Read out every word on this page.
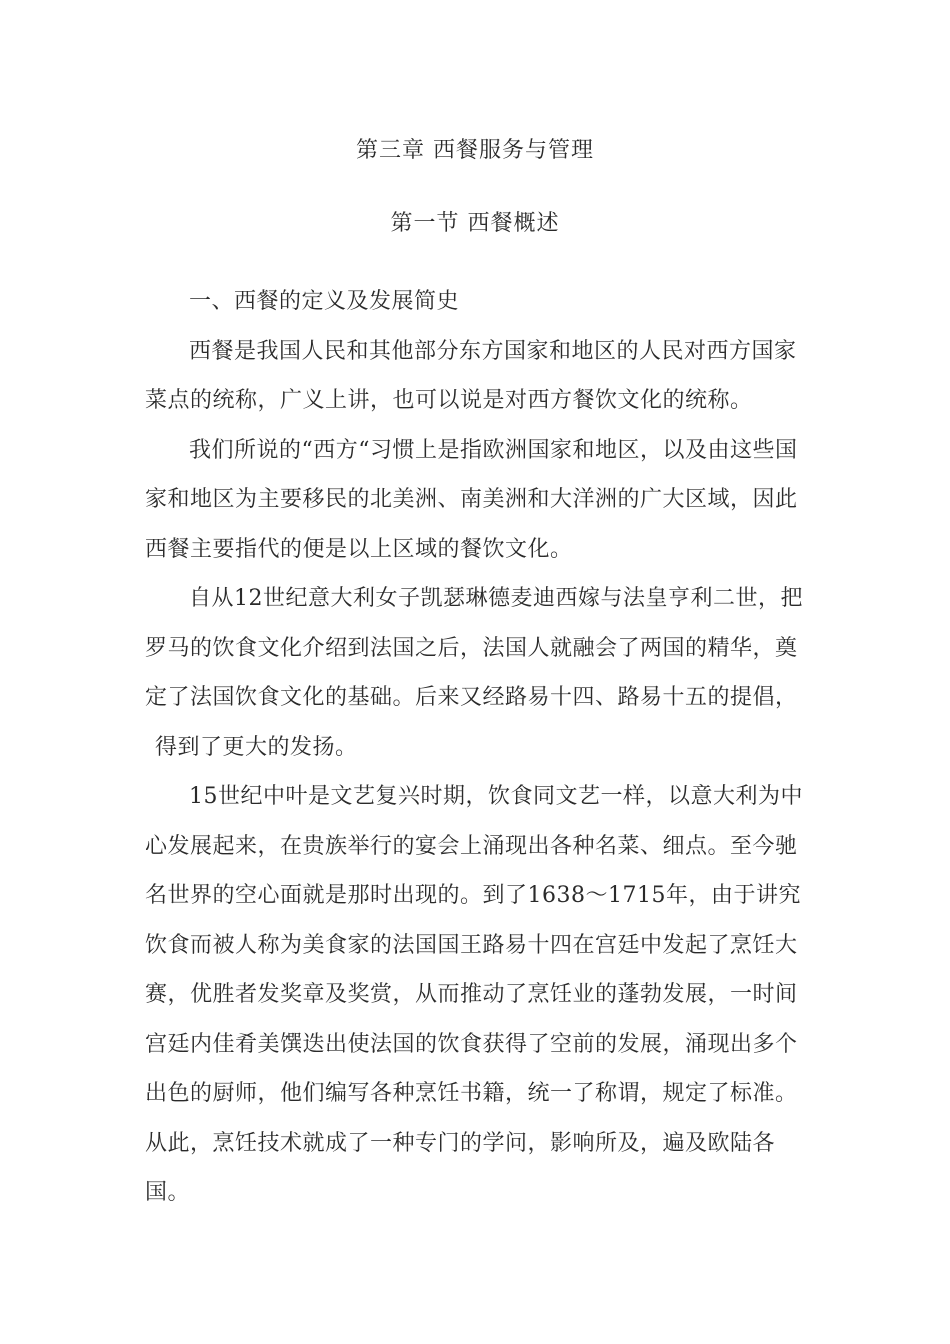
第三章 西餐服务与管理
第一节 西餐概述

一、西餐的定义及发展简史

西餐是我国人民和其他部分东方国家和地区的人民对西方国家菜点的统称，广义上讲，也可以说是对西方餐饮文化的统称。

我们所说的“西方“习惯上是指欧洲国家和地区，以及由这些国家和地区为主要移民的北美洲、南美洲和大洋洲的广大区域，因此西餐主要指代的便是以上区域的餐饮文化。

自从12世纪意大利女子凯瑟琳德麦迪西嫁与法皇亨利二世，把罗马的饮食文化介绍到法国之后，法国人就融会了两国的精华，奠定了法国饮食文化的基础。后来又经路易十四、路易十五的提倡，

得到了更大的发扬。

15世纪中叶是文艺复兴时期，饮食同文艺一样，以意大利为中心发展起来，在贵族举行的宴会上涌现出各种名菜、细点。至今驰名世界的空心面就是那时出现的。到了1638～1715年，由于讲究饮食而被人称为美食家的法国国王路易十四在宫廷中发起了烹饪大赛，优胜者发奖章及奖赏，从而推动了烹饪业的蓬勃发展，一时间宫廷内佳肴美馔迭出使法国的饮食获得了空前的发展，涌现出多个出色的厨师，他们编写各种烹饪书籍，统一了称谓，规定了标准。从此，烹饪技术就成了一种专门的学问，影响所及，遍及欧陆各国。
